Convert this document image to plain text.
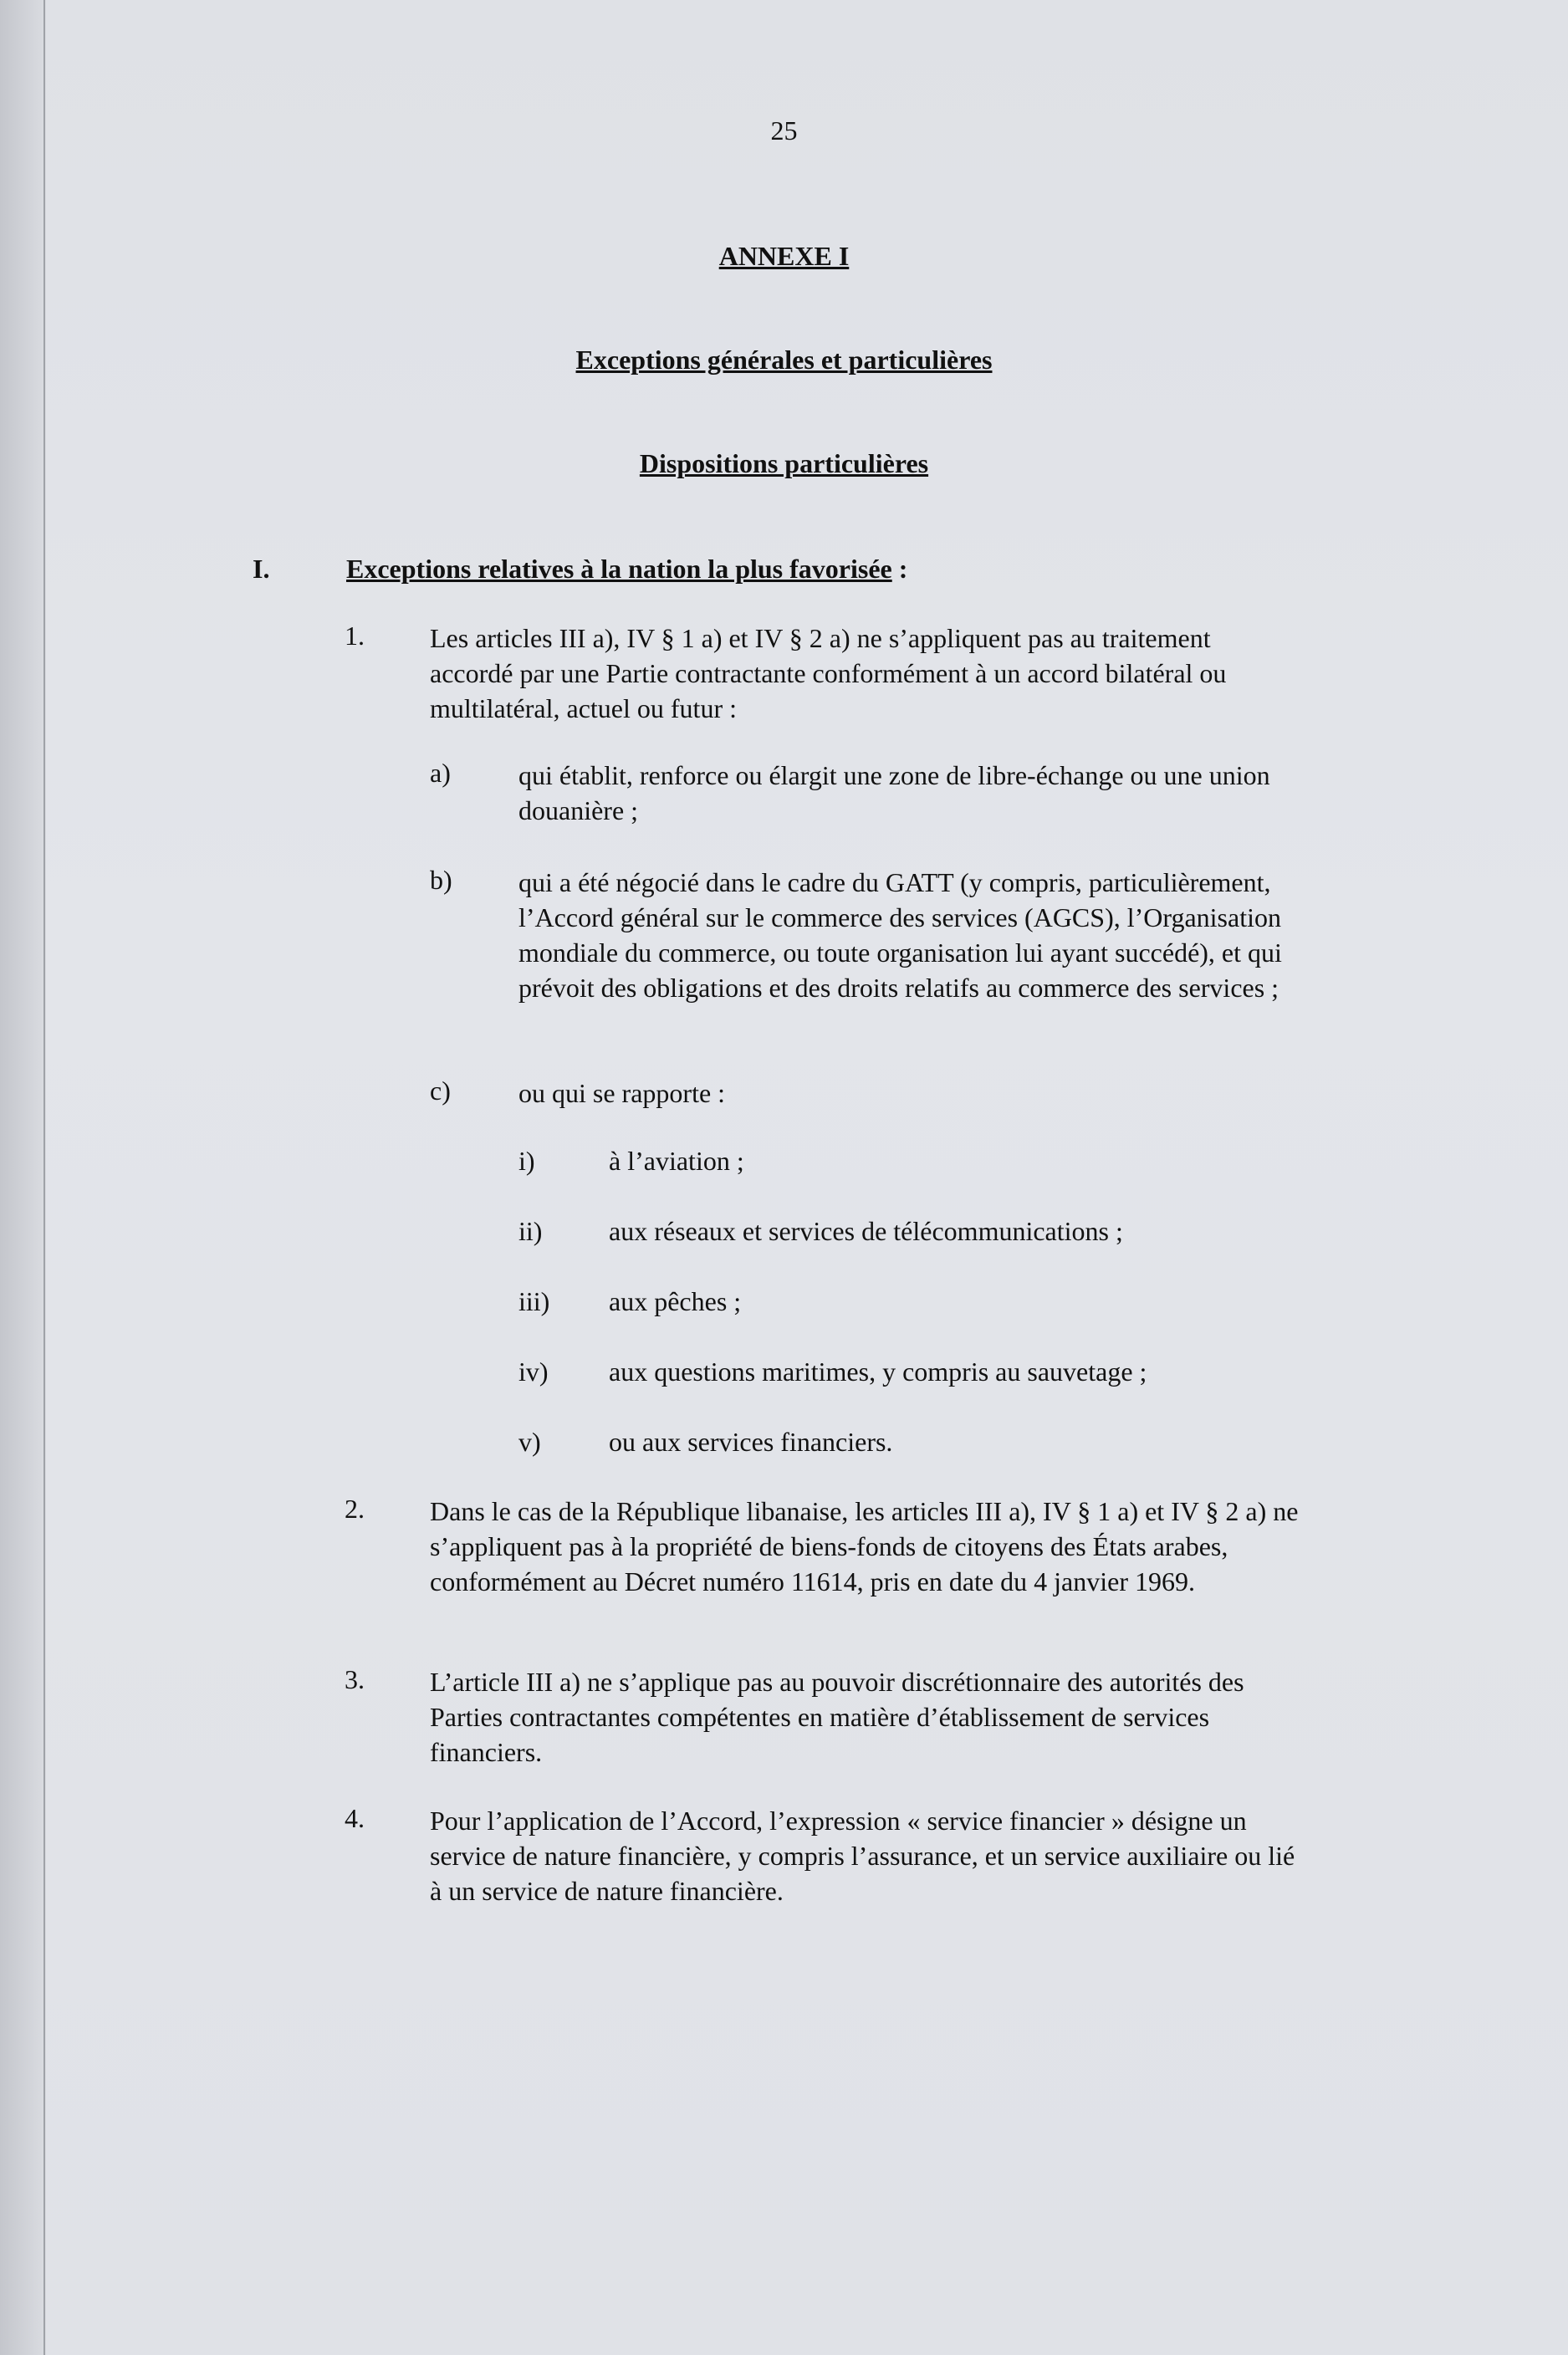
25
ANNEXE I
Exceptions générales et particulières
Dispositions particulières
I.	Exceptions relatives à la nation la plus favorisée :
1. Les articles III a), IV § 1 a) et IV § 2 a) ne s’appliquent pas au traitement accordé par une Partie contractante conformément à un accord bilatéral ou multilatéral, actuel ou futur :
a)	qui établit, renforce ou élargit une zone de libre-échange ou une union douanière ;
b) qui a été négocié dans le cadre du GATT (y compris, particulièrement, l’Accord général sur le commerce des services (AGCS), l’Organisation mondiale du commerce, ou toute organisation lui ayant succédé), et qui prévoit des obligations et des droits relatifs au commerce des services ;
c)	ou qui se rapporte :
i)	à l’aviation ;
ii) aux réseaux et services de télécommunications ;
iii) aux pêches ;
iv) aux questions maritimes, y compris au sauvetage ;
v)	ou aux services financiers.
2. Dans le cas de la République libanaise, les articles III a), IV § 1 a) et IV § 2 a) ne s’appliquent pas à la propriété de biens-fonds de citoyens des États arabes, conformément au Décret numéro 11614, pris en date du 4 janvier 1969.
3. L’article III a) ne s’applique pas au pouvoir discrétionnaire des autorités des Parties contractantes compétentes en matière d’établissement de services financiers.
4. Pour l’application de l’Accord, l’expression « service financier » désigne un service de nature financière, y compris l’assurance, et un service auxiliaire ou lié à un service de nature financière.
